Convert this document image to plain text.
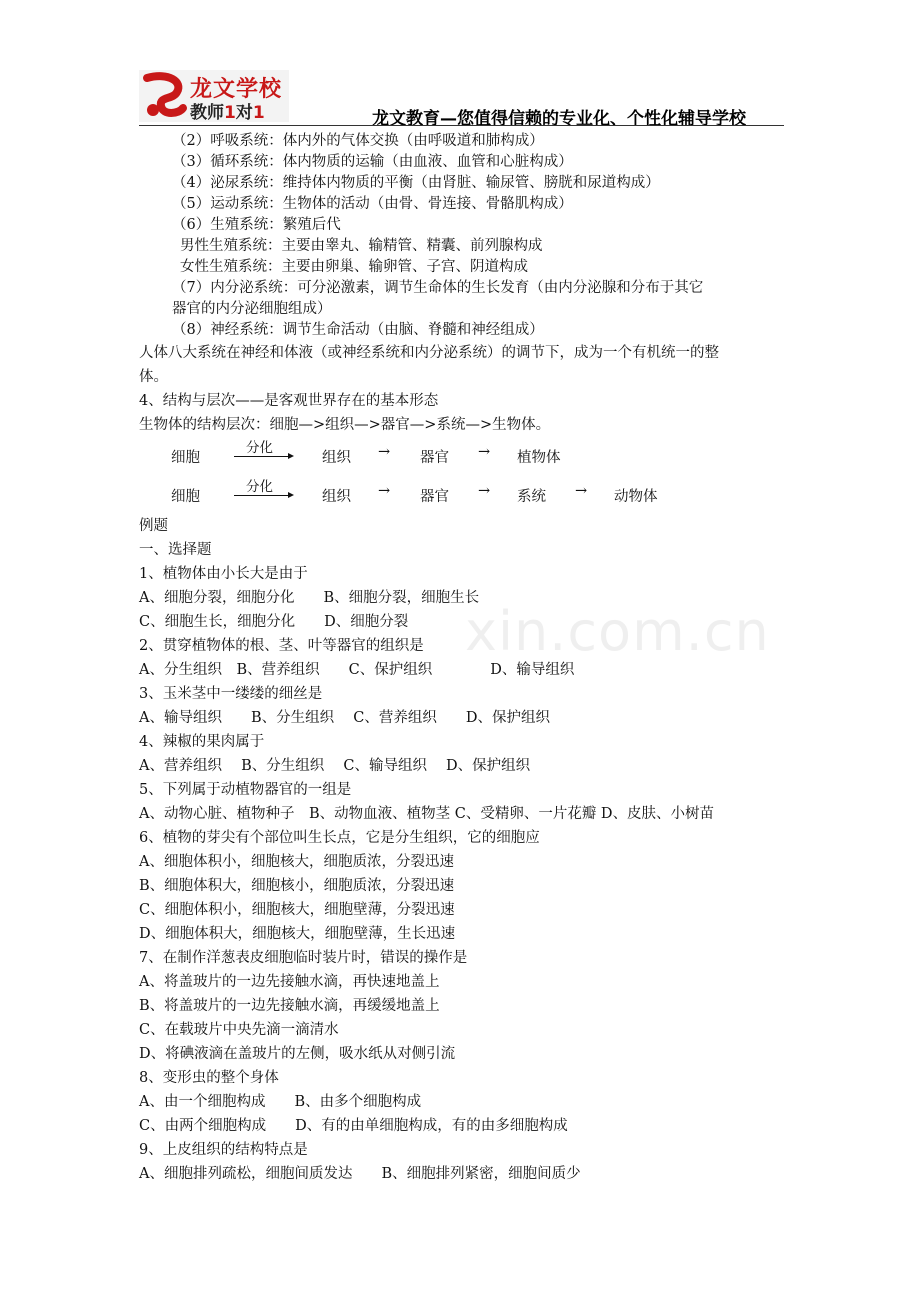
龙文学校
教师1对1	龙文教育—您值得信赖的专业化、个性化辅导学校
xin.com.cn
（2）呼吸系统：体内外的气体交换（由呼吸道和肺构成）
（3）循环系统：体内物质的运输（由血液、血管和心脏构成）
（4）泌尿系统：维持体内物质的平衡（由肾脏、输尿管、膀胱和尿道构成）
（5）运动系统：生物体的活动（由骨、骨连接、骨骼肌构成）
（6）生殖系统：繁殖后代
男性生殖系统：主要由睾丸、输精管、精囊、前列腺构成
女性生殖系统：主要由卵巢、输卵管、子宫、阴道构成
（7）内分泌系统：可分泌激素，调节生命体的生长发育（由内分泌腺和分布于其它
器官的内分泌细胞组成）
（8）神经系统：调节生命活动（由脑、脊髓和神经组成）
人体八大系统在神经和体液（或神经系统和内分泌系统）的调节下，成为一个有机统一的整
体。
4、结构与层次——是客观世界存在的基本形态
生物体的结构层次：细胞—>组织—>器官—>系统—>生物体。
细胞
分化
组织 → 器官 → 植物体
细胞
分化
组织 → 器官 → 系统 → 动物体
例题
一、选择题
1、植物体由小长大是由于
A、细胞分裂，细胞分化　　B、细胞分裂，细胞生长
C、细胞生长，细胞分化　　D、细胞分裂
2、贯穿植物体的根、茎、叶等器官的组织是
A、分生组织　B、营养组织　　C、保护组织　　　　D、输导组织
3、玉米茎中一缕缕的细丝是
A、输导组织　　B、分生组织　 C、营养组织　　D、保护组织
4、辣椒的果肉属于
A、营养组织　 B、分生组织　 C、输导组织　 D、保护组织
5、下列属于动植物器官的一组是
A、动物心脏、植物种子　B、动物血液、植物茎 C、受精卵、一片花瓣 D、皮肤、小树苗
6、植物的芽尖有个部位叫生长点，它是分生组织，它的细胞应
A、细胞体积小，细胞核大，细胞质浓，分裂迅速
B、细胞体积大，细胞核小，细胞质浓，分裂迅速
C、细胞体积小，细胞核大，细胞壁薄，分裂迅速
D、细胞体积大，细胞核大，细胞壁薄，生长迅速
7、在制作洋葱表皮细胞临时装片时，错误的操作是
A、将盖玻片的一边先接触水滴，再快速地盖上
B、将盖玻片的一边先接触水滴，再缓缓地盖上
C、在载玻片中央先滴一滴清水
D、将碘液滴在盖玻片的左侧，吸水纸从对侧引流
8、变形虫的整个身体
A、由一个细胞构成　　B、由多个细胞构成
C、由两个细胞构成　　D、有的由单细胞构成，有的由多细胞构成
9、上皮组织的结构特点是
A、细胞排列疏松，细胞间质发达　　B、细胞排列紧密，细胞间质少
